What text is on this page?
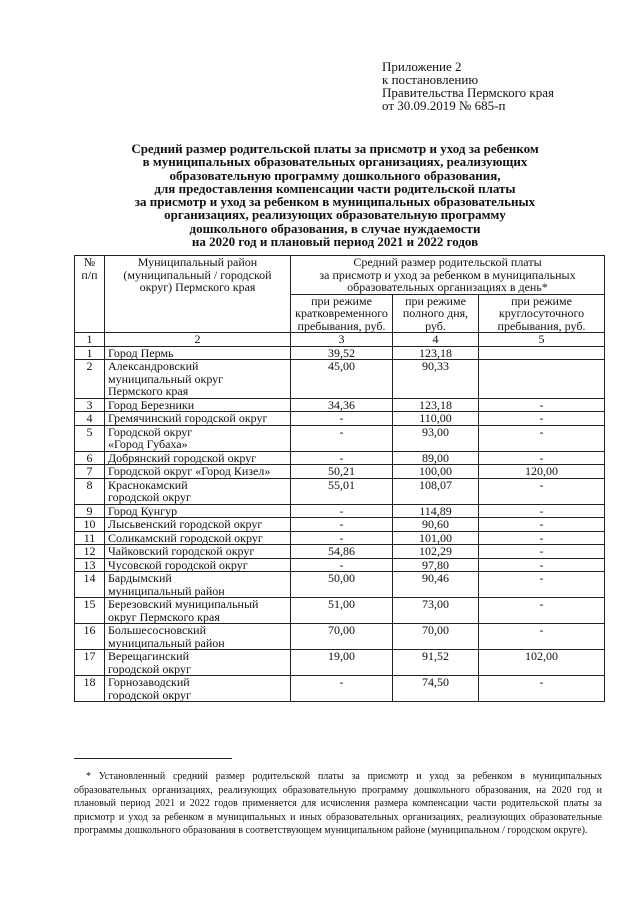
Приложение 2
к постановлению
Правительства Пермского края
от 30.09.2019 № 685-п
Средний размер родительской платы за присмотр и уход за ребенком
в муниципальных образовательных организациях, реализующих
образовательную программу дошкольного образования,
для предоставления компенсации части родительской платы
за присмотр и уход за ребенком в муниципальных образовательных
организациях, реализующих образовательную программу
дошкольного образования, в случае нуждаемости
на 2020 год и плановый период 2021 и 2022 годов
№
п/п	Муниципальный район
(муниципальный / городской
округ) Пермского края	Средний размер родительской платы
за присмотр и уход за ребенком в муниципальных
образовательных организациях в день*		
		при режиме
кратковременного
пребывания, руб.	при режиме
полного дня,
руб.	при режиме
круглосуточного
пребывания, руб.
1	2	3	4	5
1	Город Пермь	39,52	123,18	
2	Александровский
муниципальный округ
Пермского края	45,00	90,33	
3	Город Березники	34,36	123,18	-
4	Гремячинский городской округ	-	110,00	-
5	Городской округ
«Город Губаха»	-	93,00	-
6	Добрянский городской округ	-	89,00	-
7	Городской округ «Город Кизел»	50,21	100,00	120,00
8	Краснокамский
городской округ	55,01	108,07	-
9	Город Кунгур	-	114,89	-
10	Лысьвенский городской округ	-	90,60	-
11	Соликамский городской округ	-	101,00	-
12	Чайковский городской округ	54,86	102,29	-
13	Чусовской городской округ	-	97,80	-
14	Бардымский
муниципальный район	50,00	90,46	-
15	Березовский муниципальный
округ Пермского края	51,00	73,00	-
16	Большесосновский
муниципальный район	70,00	70,00	-
17	Верещагинский
городской округ	19,00	91,52	102,00
18	Горнозаводский
городской округ	-	74,50	-
* Установленный средний размер родительской платы за присмотр и уход за ребенком в муниципальных образовательных организациях, реализующих образовательную программу дошкольного образования, на 2020 год и плановый период 2021 и 2022 годов применяется для исчисления размера компенсации части родительской платы за присмотр и уход за ребенком в муниципальных и иных образовательных организациях, реализующих образовательные программы дошкольного образования в соответствующем муниципальном районе (муниципальном / городском округе).
